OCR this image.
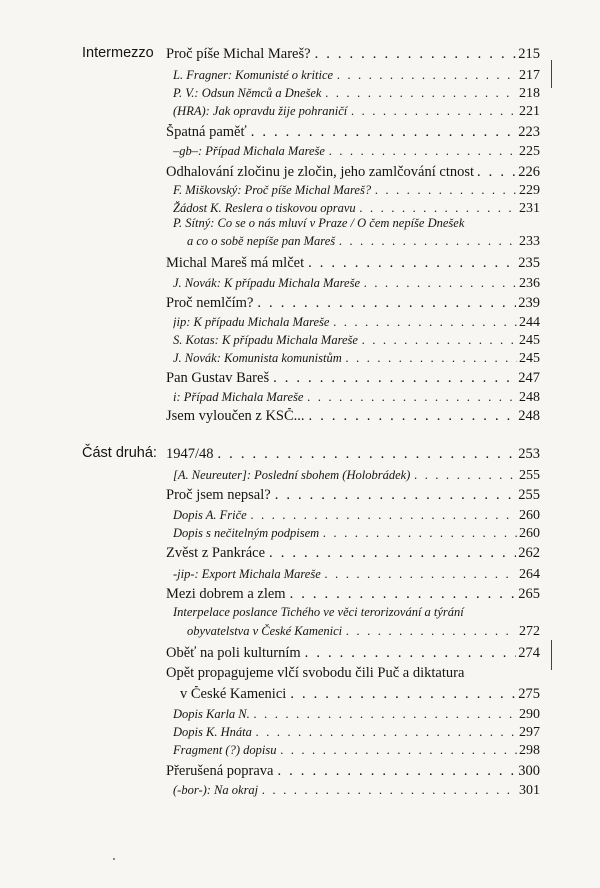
Intermezzo
Část druhá:
Proč píše Michal Mareš? . . .	215
L. Fragner: Komunisté o kritice . . .	217
P. V.: Odsun Němců a Dnešek . . .	218
(HRA): Jak opravdu žije pohraničí . . .	221
Špatná paměť . . .	223
–gb–: Případ Michala Mareše . . .	225
Odhalování zločinu je zločin, jeho zamlčování ctnost . . .	226
F. Miškovský: Proč píše Michal Mareš? . . .	229
Žádost K. Reslera o tiskovou opravu . . .	231
P. Sítný: Co se o nás mluví v Praze / O čem nepíše Dnešek
a co o sobě nepíše pan Mareš . . .	233
Michal Mareš má mlčet . . .	235
J. Novák: K případu Michala Mareše . . .	236
Proč nemlčím? . . .	239
jip: K případu Michala Mareše . . .	244
S. Kotas: K případu Michala Mareše . . .	245
J. Novák: Komunista komunistům . . .	245
Pan Gustav Bareš . . .	247
i: Případ Michala Mareše . . .	248
Jsem vyloučen z KSČ... . . .	248
1947/48 . . .	253
[A. Neureuter]: Poslední sbohem (Holobrádek) . . .	255
Proč jsem nepsal? . . .	255
Dopis A. Friče . . .	260
Dopis s nečitelným podpisem . . .	260
Zvěst z Pankráce . . .	262
-jip-: Export Michala Mareše . . .	264
Mezi dobrem a zlem . . .	265
Interpelace poslance Tichého ve věci terorizování a týrání
obyvatelstva v České Kamenici . . .	272
Oběť na poli kulturním . . .	274
Opět propagujeme vlčí svobodu čili Puč a diktatura
v České Kamenici . . .	275
Dopis Karla N. . . .	290
Dopis K. Hnáta . . .	297
Fragment (?) dopisu . . .	298
Přerušená poprava . . .	300
(-bor-): Na okraj . . .	301
